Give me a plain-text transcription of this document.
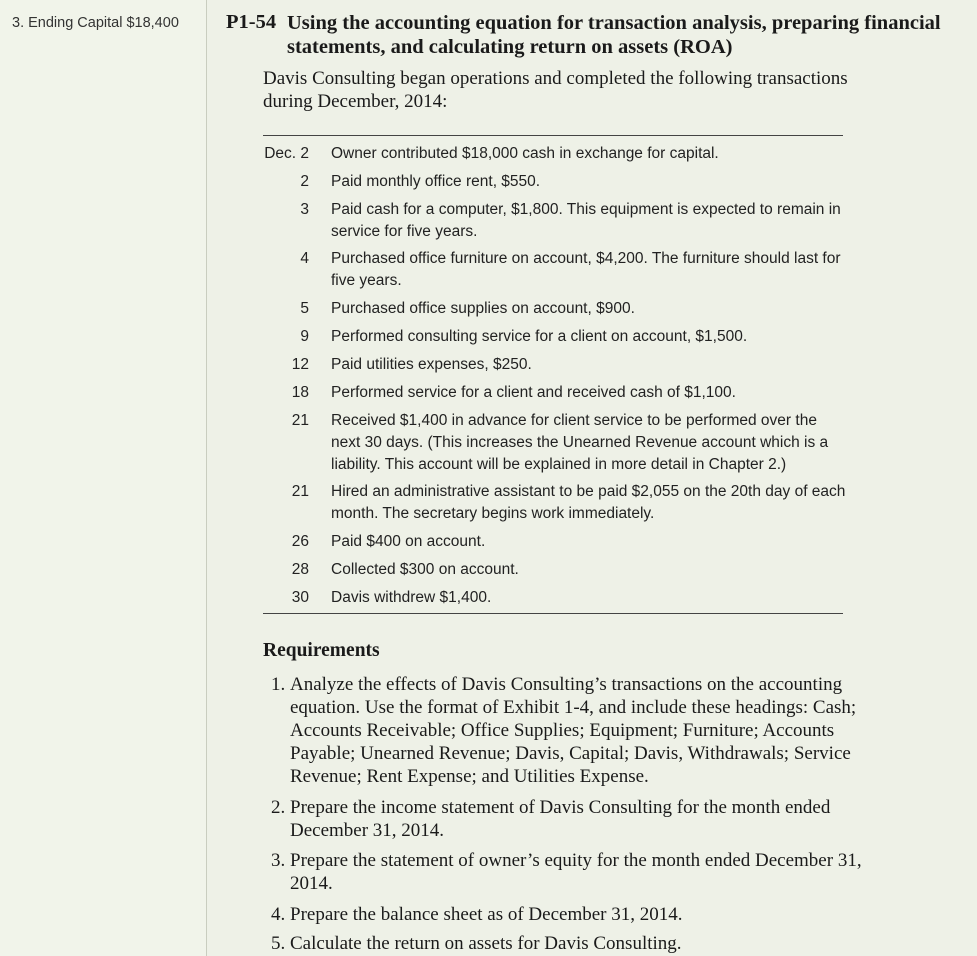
3. Ending Capital $18,400 P1-54 Using the accounting equation for transaction analysis, preparing financial statements, and calculating return on assets (ROA)
Davis Consulting began operations and completed the following transactions during December, 2014:
Dec. 2 Owner contributed $18,000 cash in exchange for capital.
2 Paid monthly office rent, $550.
3 Paid cash for a computer, $1,800. This equipment is expected to remain in service for five years.
4 Purchased office furniture on account, $4,200. The furniture should last for five years.
5 Purchased office supplies on account, $900.
9 Performed consulting service for a client on account, $1,500.
12 Paid utilities expenses, $250.
18 Performed service for a client and received cash of $1,100.
21 Received $1,400 in advance for client service to be performed over the next 30 days. (This increases the Unearned Revenue account which is a liability. This account will be explained in more detail in Chapter 2.)
21 Hired an administrative assistant to be paid $2,055 on the 20th day of each month. The secretary begins work immediately.
26 Paid $400 on account.
28 Collected $300 on account.
30 Davis withdrew $1,400.
Requirements
1. Analyze the effects of Davis Consulting’s transactions on the accounting equation. Use the format of Exhibit 1-4, and include these headings: Cash; Accounts Receivable; Office Supplies; Equipment; Furniture; Accounts Payable; Unearned Revenue; Davis, Capital; Davis, Withdrawals; Service Revenue; Rent Expense; and Utilities Expense.
2. Prepare the income statement of Davis Consulting for the month ended December 31, 2014.
3. Prepare the statement of owner’s equity for the month ended December 31, 2014.
4. Prepare the balance sheet as of December 31, 2014.
5. Calculate the return on assets for Davis Consulting.
